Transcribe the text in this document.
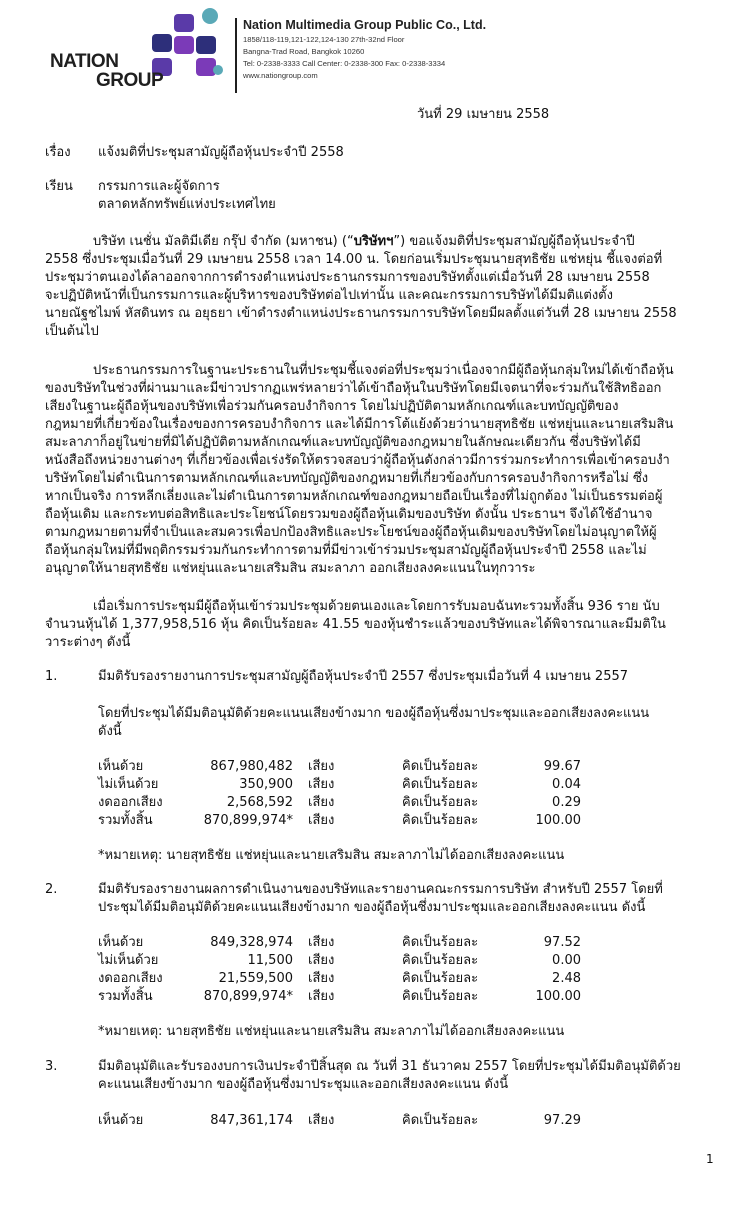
NATION
GROUP
Nation Multimedia Group Public Co., Ltd.
1858/118-119,121-122,124-130 27th-32nd Floor
Bangna-Trad Road, Bangkok 10260
Tel: 0-2338-3333 Call Center: 0-2338-300 Fax: 0-2338-3334
www.nationgroup.com
วันที่ 29 เมษายน 2558
เรื่อง แจ้งมติที่ประชุมสามัญผู้ถือหุ้นประจำปี 2558
เรียน กรรมการและผู้จัดการ
ตลาดหลักทรัพย์แห่งประเทศไทย

บริษัท เนชั่น มัลติมีเดีย กรุ๊ป จำกัด (มหาชน) (“บริษัทฯ”) ขอแจ้งมติที่ประชุมสามัญผู้ถือหุ้นประจำปี

2558 ซึ่งประชุมเมื่อวันที่ 29 เมษายน 2558 เวลา 14.00 น. โดยก่อนเริ่มประชุมนายสุทธิชัย แช่หยุ่น ชี้แจงต่อที่

ประชุมว่าตนเองได้ลาออกจากการดำรงตำแหน่งประธานกรรมการของบริษัทตั้งแต่เมื่อวันที่ 28 เมษายน 2558

จะปฏิบัติหน้าที่เป็นกรรมการและผู้บริหารของบริษัทต่อไปเท่านั้น และคณะกรรมการบริษัทได้มีมติแต่งตั้ง

นายณัฐชไมพ์ หัสดินทร ณ อยุธยา เข้าดำรงตำแหน่งประธานกรรมการบริษัทโดยมีผลตั้งแต่วันที่ 28 เมษายน 2558

เป็นต้นไป

ประธานกรรมการในฐานะประธานในที่ประชุมชี้แจงต่อที่ประชุมว่าเนื่องจากมีผู้ถือหุ้นกลุ่มใหม่ได้เข้าถือหุ้น

ของบริษัทในช่วงที่ผ่านมาและมีข่าวปรากฏแพร่หลายว่าได้เข้าถือหุ้นในบริษัทโดยมีเจตนาที่จะร่วมกันใช้สิทธิออก

เสียงในฐานะผู้ถือหุ้นของบริษัทเพื่อร่วมกันครอบงำกิจการ โดยไม่ปฏิบัติตามหลักเกณฑ์และบทบัญญัติของ

กฎหมายที่เกี่ยวข้องในเรื่องของการครอบงำกิจการ และได้มีการโต้แย้งด้วยว่านายสุทธิชัย แช่หยุ่นและนายเสริมสิน

สมะลาภาก็อยู่ในข่ายที่มิได้ปฏิบัติตามหลักเกณฑ์และบทบัญญัติของกฎหมายในลักษณะเดียวกัน ซึ่งบริษัทได้มี

หนังสือถึงหน่วยงานต่างๆ ที่เกี่ยวข้องเพื่อเร่งรัดให้ตรวจสอบว่าผู้ถือหุ้นดังกล่าวมีการร่วมกระทำการเพื่อเข้าครอบงำ

บริษัทโดยไม่ดำเนินการตามหลักเกณฑ์และบทบัญญัติของกฎหมายที่เกี่ยวข้องกับการครอบงำกิจการหรือไม่ ซึ่ง

หากเป็นจริง การหลีกเลี่ยงและไม่ดำเนินการตามหลักเกณฑ์ของกฎหมายถือเป็นเรื่องที่ไม่ถูกต้อง ไม่เป็นธรรมต่อผู้

ถือหุ้นเดิม และกระทบต่อสิทธิและประโยชน์โดยรวมของผู้ถือหุ้นเดิมของบริษัท ดังนั้น ประธานฯ จึงได้ใช้อำนาจ

ตามกฎหมายตามที่จำเป็นและสมควรเพื่อปกป้องสิทธิและประโยชน์ของผู้ถือหุ้นเดิมของบริษัทโดยไม่อนุญาตให้ผู้

ถือหุ้นกลุ่มใหม่ที่มีพฤติกรรมร่วมกันกระทำการตามที่มีข่าวเข้าร่วมประชุมสามัญผู้ถือหุ้นประจำปี 2558 และไม่

อนุญาตให้นายสุทธิชัย แช่หยุ่นและนายเสริมสิน สมะลาภา ออกเสียงลงคะแนนในทุกวาระ

เมื่อเริ่มการประชุมมีผู้ถือหุ้นเข้าร่วมประชุมด้วยตนเองและโดยการรับมอบฉันทะรวมทั้งสิ้น 936 ราย นับ

จำนวนหุ้นได้ 1,377,958,516 หุ้น คิดเป็นร้อยละ 41.55 ของหุ้นชำระแล้วของบริษัทและได้พิจารณาและมีมติใน

วาระต่างๆ ดังนี้

1.	มีมติรับรองรายงานการประชุมสามัญผู้ถือหุ้นประจำปี 2557 ซึ่งประชุมเมื่อวันที่ 4 เมษายน 2557
โดยที่ประชุมได้มีมติอนุมัติด้วยคะแนนเสียงข้างมาก ของผู้ถือหุ้นซึ่งมาประชุมและออกเสียงลงคะแนน
ดังนี้
เห็นด้วย	867,980,482 เสียง	คิดเป็นร้อยละ	99.67
ไม่เห็นด้วย	350,900 เสียง	คิดเป็นร้อยละ	0.04
งดออกเสียง	2,568,592 เสียง	คิดเป็นร้อยละ	0.29
รวมทั้งสิ้น	870,899,974* เสียง	คิดเป็นร้อยละ	100.00
*หมายเหตุ: นายสุทธิชัย แช่หยุ่นและนายเสริมสิน สมะลาภาไม่ได้ออกเสียงลงคะแนน
2.	มีมติรับรองรายงานผลการดำเนินงานของบริษัทและรายงานคณะกรรมการบริษัท สำหรับปี 2557 โดยที่
ประชุมได้มีมติอนุมัติด้วยคะแนนเสียงข้างมาก ของผู้ถือหุ้นซึ่งมาประชุมและออกเสียงลงคะแนน ดังนี้
เห็นด้วย	849,328,974 เสียง	คิดเป็นร้อยละ	97.52
ไม่เห็นด้วย	11,500 เสียง	คิดเป็นร้อยละ	0.00
งดออกเสียง	21,559,500 เสียง	คิดเป็นร้อยละ	2.48
รวมทั้งสิ้น	870,899,974* เสียง	คิดเป็นร้อยละ	100.00
*หมายเหตุ: นายสุทธิชัย แช่หยุ่นและนายเสริมสิน สมะลาภาไม่ได้ออกเสียงลงคะแนน
3.	มีมติอนุมัติและรับรองงบการเงินประจำปีสิ้นสุด ณ วันที่ 31 ธันวาคม 2557 โดยที่ประชุมได้มีมติอนุมัติด้วย
คะแนนเสียงข้างมาก ของผู้ถือหุ้นซึ่งมาประชุมและออกเสียงลงคะแนน ดังนี้
เห็นด้วย	847,361,174 เสียง	คิดเป็นร้อยละ	97.29
1
